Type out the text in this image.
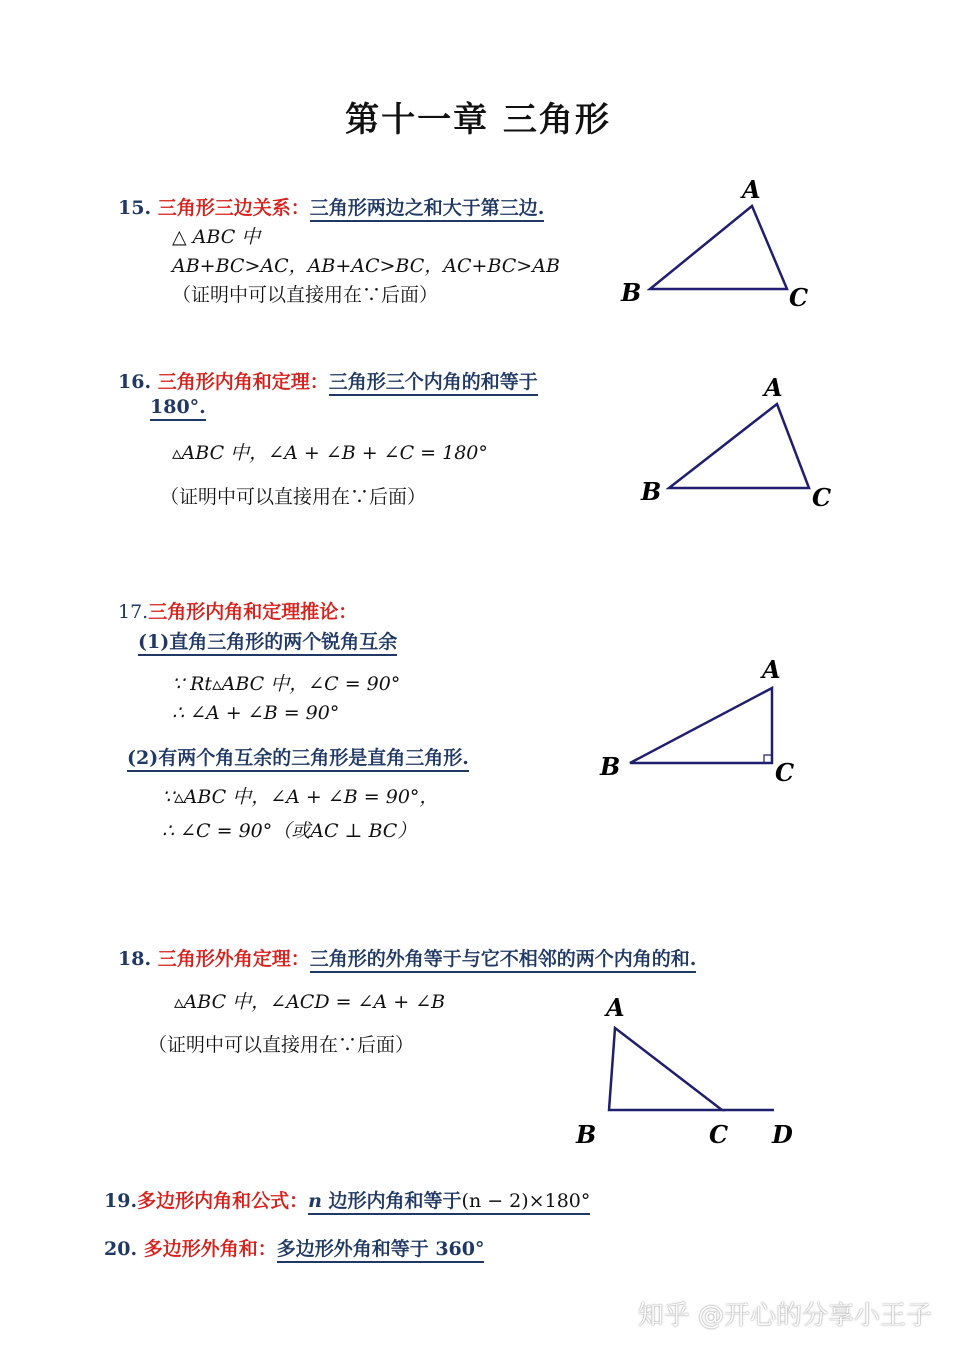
第十一章 三角形
15. 三角形三边关系：三角形两边之和大于第三边.
△ ABC 中
AB+BC>AC，AB+AC>BC，AC+BC>AB
（证明中可以直接用在∵后面）
16. 三角形内角和定理：三角形三个内角的和等于
180°.
▵ABC 中，∠A + ∠B + ∠C = 180°
（证明中可以直接用在∵后面）
17.三角形内角和定理推论：
(1)直角三角形的两个锐角互余
∵ Rt▵ABC 中，∠C = 90°
∴ ∠A + ∠B = 90°
(2)有两个角互余的三角形是直角三角形.
∵▵ABC 中，∠A + ∠B = 90°，
∴ ∠C = 90°（或AC ⊥ BC）
18. 三角形外角定理：三角形的外角等于与它不相邻的两个内角的和.
▵ABC 中，∠ACD = ∠A + ∠B
（证明中可以直接用在∵后面）
19.多边形内角和公式：n 边形内角和等于(n − 2)×180°
20. 多边形外角和：多边形外角和等于 360°
A
B	C
A
B	C
A
B	C
A
B	C D
知乎 @开心的分享小王子
